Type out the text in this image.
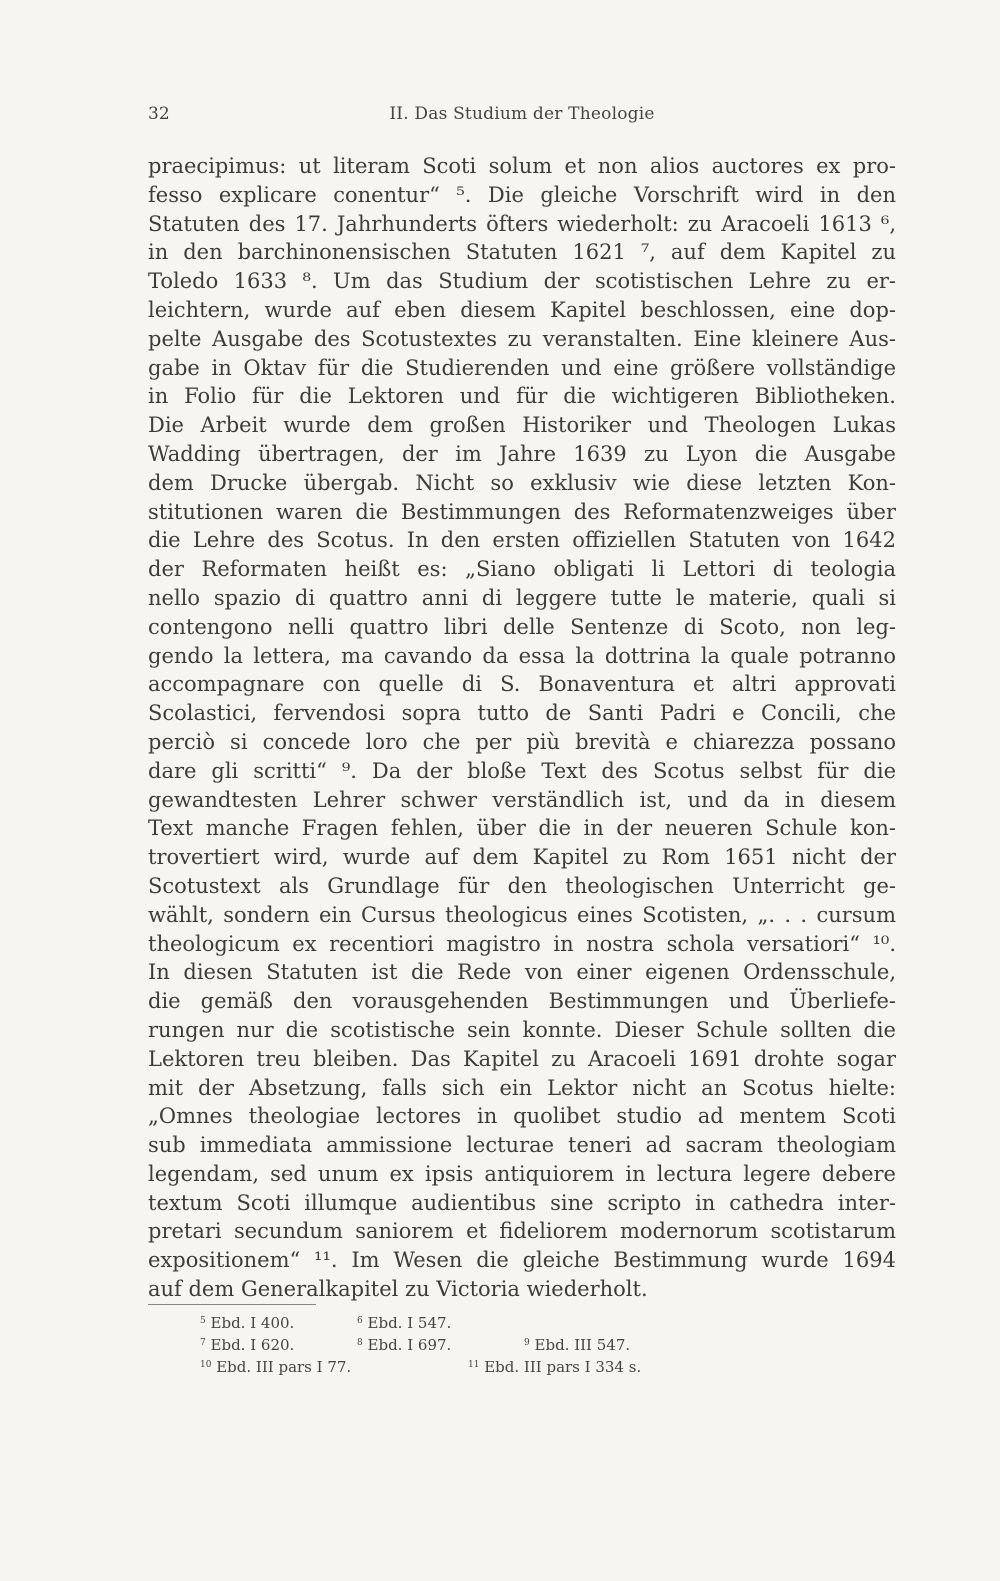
32	II. Das Studium der Theologie
praecipimus: ut literam Scoti solum et non alios auctores ex pro-
fesso explicare conentur“ ⁵. Die gleiche Vorschrift wird in den
Statuten des 17. Jahrhunderts öfters wiederholt: zu Aracoeli 1613 ⁶,
in den barchinonensischen Statuten 1621 ⁷, auf dem Kapitel zu
Toledo 1633 ⁸. Um das Studium der scotistischen Lehre zu er-
leichtern, wurde auf eben diesem Kapitel beschlossen, eine dop-
pelte Ausgabe des Scotustextes zu veranstalten. Eine kleinere Aus-
gabe in Oktav für die Studierenden und eine größere vollständige
in Folio für die Lektoren und für die wichtigeren Bibliotheken.
Die Arbeit wurde dem großen Historiker und Theologen Lukas
Wadding übertragen, der im Jahre 1639 zu Lyon die Ausgabe
dem Drucke übergab. Nicht so exklusiv wie diese letzten Kon-
stitutionen waren die Bestimmungen des Reformatenzweiges über
die Lehre des Scotus. In den ersten offiziellen Statuten von 1642
der Reformaten heißt es: „Siano obligati li Lettori di teologia
nello spazio di quattro anni di leggere tutte le materie, quali si
contengono nelli quattro libri delle Sentenze di Scoto, non leg-
gendo la lettera, ma cavando da essa la dottrina la quale potranno
accompagnare con quelle di S. Bonaventura et altri approvati
Scolastici, fervendosi sopra tutto de Santi Padri e Concili, che
perciò si concede loro che per più brevità e chiarezza possano
dare gli scritti“ ⁹. Da der bloße Text des Scotus selbst für die
gewandtesten Lehrer schwer verständlich ist, und da in diesem
Text manche Fragen fehlen, über die in der neueren Schule kon-
trovertiert wird, wurde auf dem Kapitel zu Rom 1651 nicht der
Scotustext als Grundlage für den theologischen Unterricht ge-
wählt, sondern ein Cursus theologicus eines Scotisten, „. . . cursum
theologicum ex recentiori magistro in nostra schola versatiori“ ¹⁰.
In diesen Statuten ist die Rede von einer eigenen Ordensschule,
die gemäß den vorausgehenden Bestimmungen und Überliefe-
rungen nur die scotistische sein konnte. Dieser Schule sollten die
Lektoren treu bleiben. Das Kapitel zu Aracoeli 1691 drohte sogar
mit der Absetzung, falls sich ein Lektor nicht an Scotus hielte:
„Omnes theologiae lectores in quolibet studio ad mentem Scoti
sub immediata ammissione lecturae teneri ad sacram theologiam
legendam, sed unum ex ipsis antiquiorem in lectura legere debere
textum Scoti illumque audientibus sine scripto in cathedra inter-
pretari secundum saniorem et fideliorem modernorum scotistarum
expositionem“ ¹¹. Im Wesen die gleiche Bestimmung wurde 1694
auf dem Generalkapitel zu Victoria wiederholt.
$^5$ Ebd. I 400.	$^6$ Ebd. I 547.
$^7$ Ebd. I 620.	$^8$ Ebd. I 697.	$^9$ Ebd. III 547.
$^{10}$ Ebd. III pars I 77.	$^{11}$ Ebd. III pars I 334 s.
